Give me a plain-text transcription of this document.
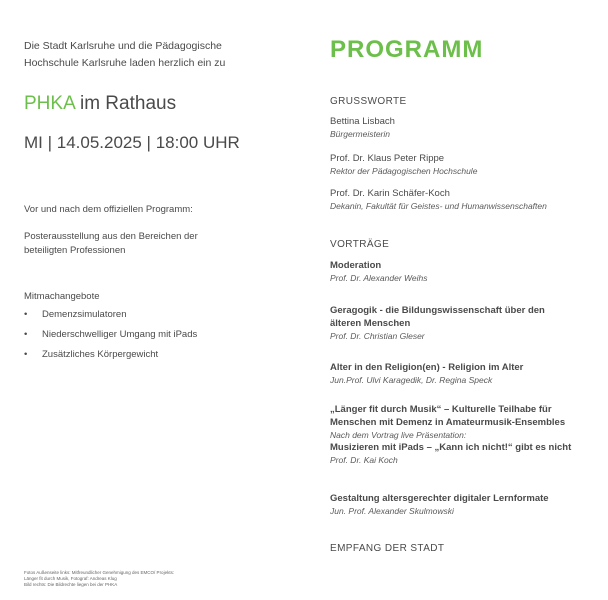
Die Stadt Karlsruhe und die Pädagogische
Hochschule Karlsruhe laden herzlich ein zu
PHKA im Rathaus
MI | 14.05.2025 | 18:00 UHR
Vor und nach dem offiziellen Programm:
Posterausstellung aus den Bereichen der
beteiligten Professionen
Mitmachangebote
•	Demenzsimulatoren
•	Niederschwelliger Umgang mit iPads
•	Zusätzliches Körpergewicht
Fotos Außenseite links: Mitfreundlicher Genehmigung des EMCO/ Projekts:
Länger fit durch Musik, Fotograf: Andreas Klug
Bild rechts: Die Bildrechte liegen bei der PHKA
PROGRAMM
GRUSSWORTE
Bettina Lisbach
Bürgermeisterin
Prof. Dr. Klaus Peter Rippe
Rektor der Pädagogischen Hochschule
Prof. Dr. Karin Schäfer-Koch
Dekanin, Fakultät für Geistes- und Humanwissenschaften
VORTRÄGE
Moderation
Prof. Dr. Alexander Weihs
Geragogik - die Bildungswissenschaft über den
älteren Menschen
Prof. Dr. Christian Gleser
Alter in den Religion(en) - Religion im Alter
Jun.Prof. Ulvi Karagedik, Dr. Regina Speck
„Länger fit durch Musik“ – Kulturelle Teilhabe für
Menschen mit Demenz in Amateurmusik-Ensembles
Nach dem Vortrag live Präsentation:
Musizieren mit iPads – „Kann ich nicht!“ gibt es nicht
Prof. Dr. Kai Koch
Gestaltung altersgerechter digitaler Lernformate
Jun. Prof. Alexander Skulmowski
EMPFANG DER STADT
